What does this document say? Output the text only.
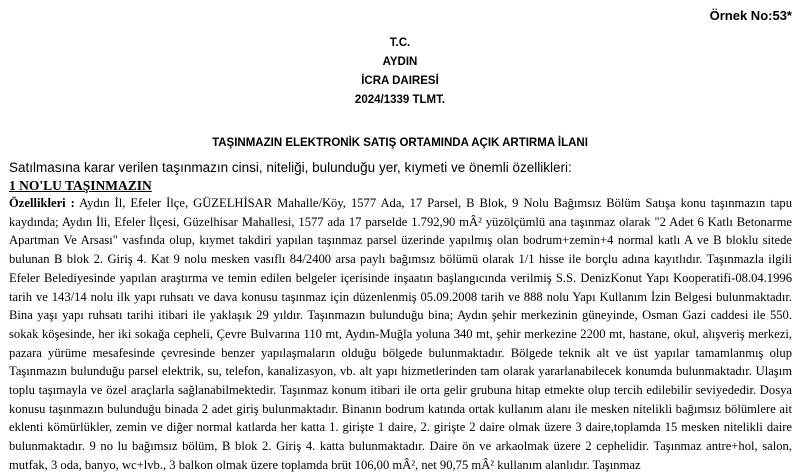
Örnek No:53*
T.C.
AYDIN
İCRA DAIRESİ
2024/1339 TLMT.
TAŞINMAZIN ELEKTRONİK SATIŞ ORTAMINDA AÇIK ARTIRMA İLANI
Satılmasına karar verilen taşınmazın cinsi, niteliği, bulunduğu yer, kıymeti ve önemli özellikleri:
1 NO'LU TAŞINMAZIN
Özellikleri : Aydın İl, Efeler İlçe, GÜZELHİSAR Mahalle/Köy, 1577 Ada, 17 Parsel, B Blok, 9 Nolu Bağımsız Bölüm Satışa konu taşınmazın tapu kaydında; Aydın İli, Efeler İlçesi, Güzelhisar Mahallesi, 1577 ada 17 parselde 1.792,90 mÂ² yüzölçümlü ana taşınmaz olarak "2 Adet 6 Katlı Betonarme Apartman Ve Arsası" vasfında olup, kıymet takdiri yapılan taşınmaz parsel üzerinde yapılmış olan bodrum+zemin+4 normal katlı A ve B bloklu sitede bulunan B blok 2. Giriş 4. Kat 9 nolu mesken vasıflı 84/2400 arsa paylı bağımsız bölümü olarak 1/1 hisse ile borçlu adına kayıtlıdır. Taşınmazla ilgili Efeler Belediyesinde yapılan araştırma ve temin edilen belgeler içerisinde inşaatın başlangıcında verilmiş S.S. DenizKonut Yapı Kooperatifi-08.04.1996 tarih ve 143/14 nolu ilk yapı ruhsatı ve dava konusu taşınmaz için düzenlenmiş 05.09.2008 tarih ve 888 nolu Yapı Kullanım İzin Belgesi bulunmaktadır. Bina yaşı yapı ruhsatı tarihi itibari ile yaklaşık 29 yıldır. Taşınmazın bulunduğu bina; Aydın şehir merkezinin güneyinde, Osman Gazi caddesi ile 550. sokak köşesinde, her iki sokağa cepheli, Çevre Bulvarına 110 mt, Aydın-Muğla yoluna 340 mt, şehir merkezine 2200 mt, hastane, okul, alışveriş merkezi, pazara yürüme mesafesinde çevresinde benzer yapılaşmaların olduğu bölgede bulunmaktadır. Bölgede teknik alt ve üst yapılar tamamlanmış olup Taşınmazın bulunduğu parsel elektrik, su, telefon, kanalizasyon, vb. alt yapı hizmetlerinden tam olarak yararlanabilecek konumda bulunmaktadır. Ulaşım toplu taşımayla ve özel araçlarla sağlanabilmektedir. Taşınmaz konum itibari ile orta gelir grubuna hitap etmekte olup tercih edilebilir seviyededir. Dosya konusu taşınmazın bulunduğu binada 2 adet giriş bulunmaktadır. Binanın bodrum katında ortak kullanım alanı ile mesken nitelikli bağımsız bölümlere ait eklenti kömürlükler, zemin ve diğer normal katlarda her katta 1. girişte 1 daire, 2. girişte 2 daire olmak üzere 3 daire,toplamda 15 mesken nitelikli daire bulunmaktadır. 9 no lu bağımsız bölüm, B blok 2. Giriş 4. katta bulunmaktadır. Daire ön ve arkaolmak üzere 2 cephelidir. Taşınmaz antre+hol, salon, mutfak, 3 oda, banyo, wc+lvb., 3 balkon olmak üzere toplamda brüt 106,00 mÂ², net 90,75 mÂ² kullanım alanlıdır. Taşınmaz
